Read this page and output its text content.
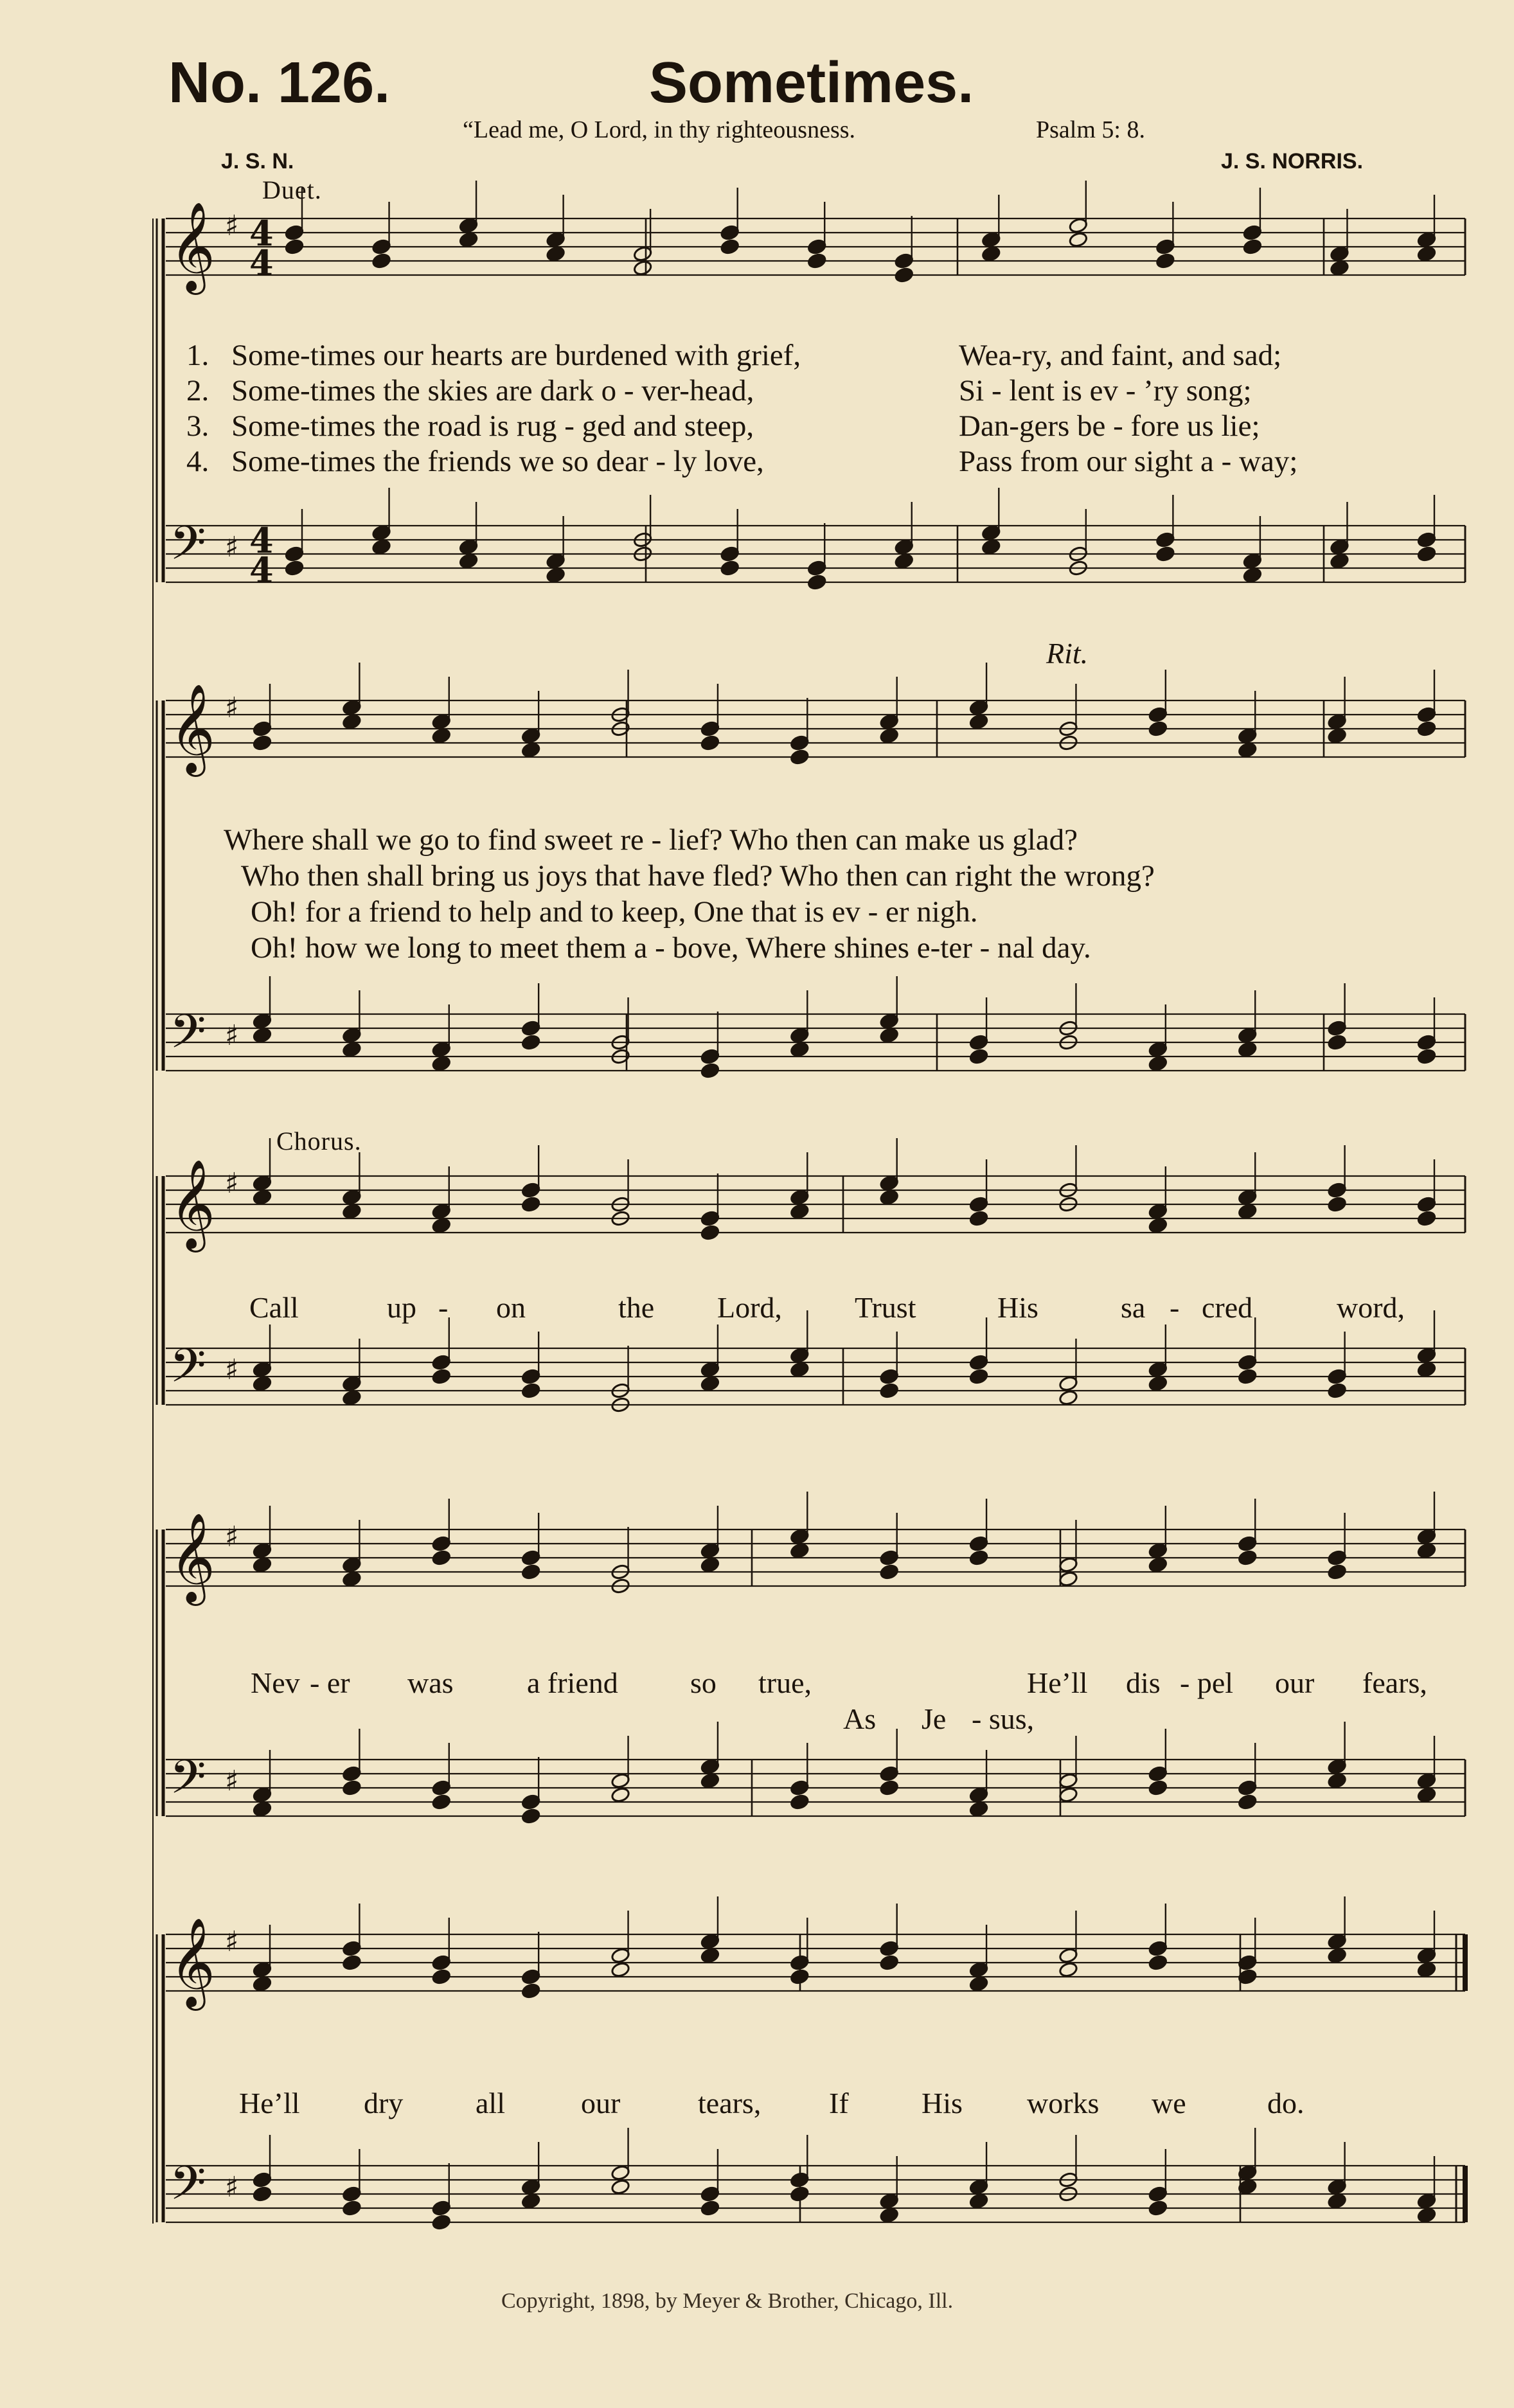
No. 126.	Sometimes.
“Lead me, O Lord, in thy righteousness.	Psalm 5: 8.
J. S. N.	J. S. NORRIS.
𝄞 ♯ 4
4
𝄢 ♯ 4
4
𝄞 ♯
𝄢 ♯
𝄞 ♯
𝄢 ♯
𝄞 ♯
𝄢 ♯
𝄞 ♯
𝄢 ♯
Duet.
Rit.
Chorus.
1. Some-times our hearts are burdened with grief,	Wea-ry, and faint, and sad;
2. Some-times the skies are dark o - ver-head,	Si - lent is ev - ’ry song;
3. Some-times the road is rug - ged and steep,	Dan-gers be - fore us lie;
4. Some-times the friends we so dear - ly love,	Pass from our sight a - way;
Where shall we go to find sweet re - lief? Who then can make us glad?
Who then shall bring us joys that have fled? Who then can right the wrong?
Oh! for a friend to help and to keep, One that is ev - er nigh.
Oh! how we long to meet them a - bove, Where shines e-ter - nal day.
Call	up - on	the Lord, Trust	His	sa - cred	word,
Nev - er was a friend so true,	He’ll dis - pel our fears,
As Je - sus,
He’ll dry all	our	tears, If His works we	do.
Copyright, 1898, by Meyer & Brother, Chicago, Ill.
